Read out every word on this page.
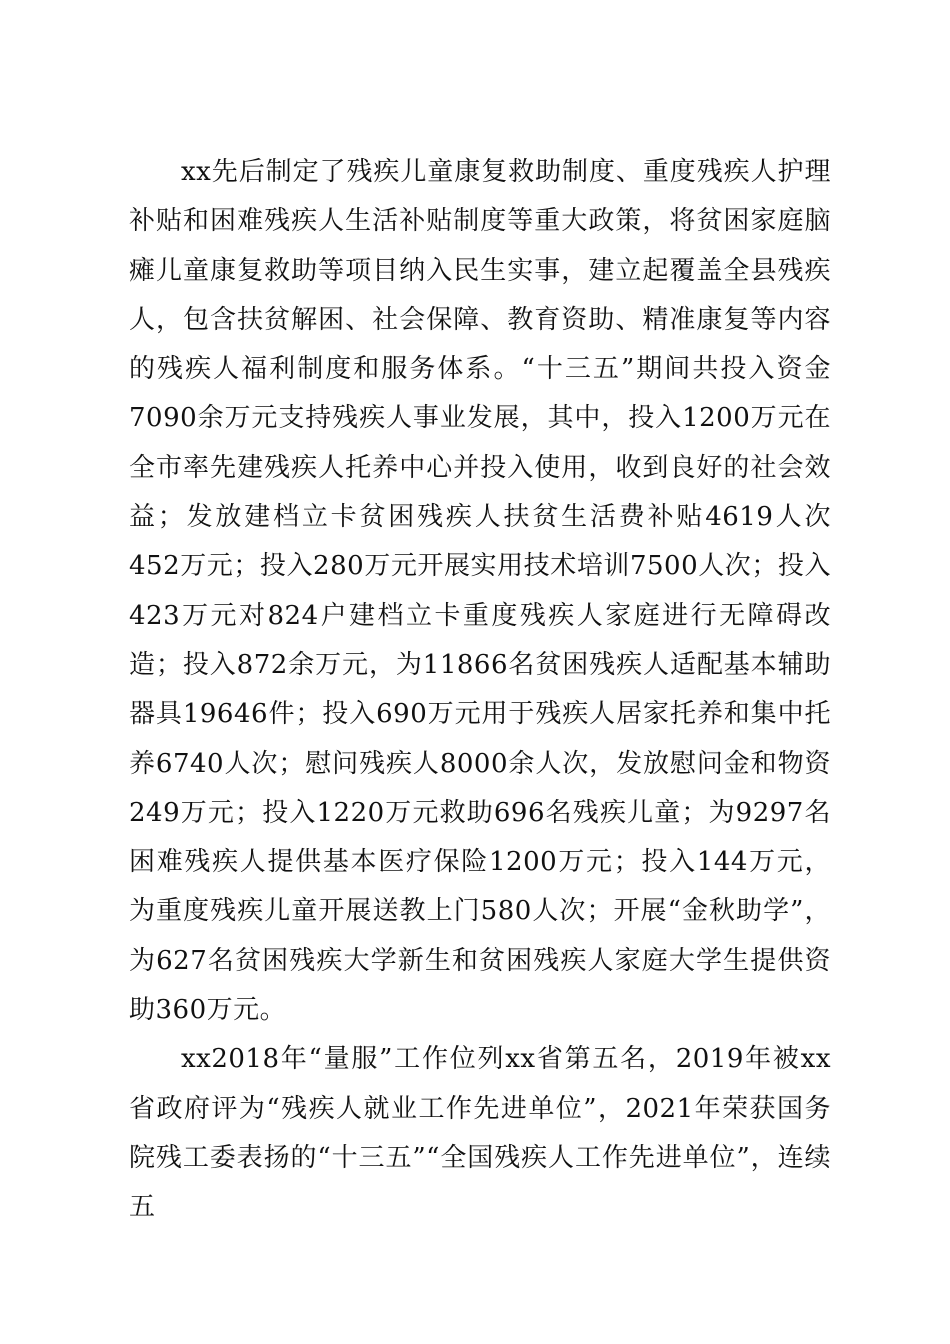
xx先后制定了残疾儿童康复救助制度、重度残疾人护理补贴和困难残疾人生活补贴制度等重大政策，将贫困家庭脑瘫儿童康复救助等项目纳入民生实事，建立起覆盖全县残疾人，包含扶贫解困、社会保障、教育资助、精准康复等内容的残疾人福利制度和服务体系。“十三五”期间共投入资金7090余万元支持残疾人事业发展，其中，投入1200万元在全市率先建残疾人托养中心并投入使用，收到良好的社会效益；发放建档立卡贫困残疾人扶贫生活费补贴4619人次452万元；投入280万元开展实用技术培训7500人次；投入423万元对824户建档立卡重度残疾人家庭进行无障碍改造；投入872余万元，为11866名贫困残疾人适配基本辅助器具19646件；投入690万元用于残疾人居家托养和集中托养6740人次；慰问残疾人8000余人次，发放慰问金和物资249万元；投入1220万元救助696名残疾儿童；为9297名困难残疾人提供基本医疗保险1200万元；投入144万元，为重度残疾儿童开展送教上门580人次；开展“金秋助学”，为627名贫困残疾大学新生和贫困残疾人家庭大学生提供资助360万元。

xx2018年“量服”工作位列xx省第五名，2019年被xx省政府评为“残疾人就业工作先进单位”，2021年荣获国务院残工委表扬的“十三五”“全国残疾人工作先进单位”，连续五
